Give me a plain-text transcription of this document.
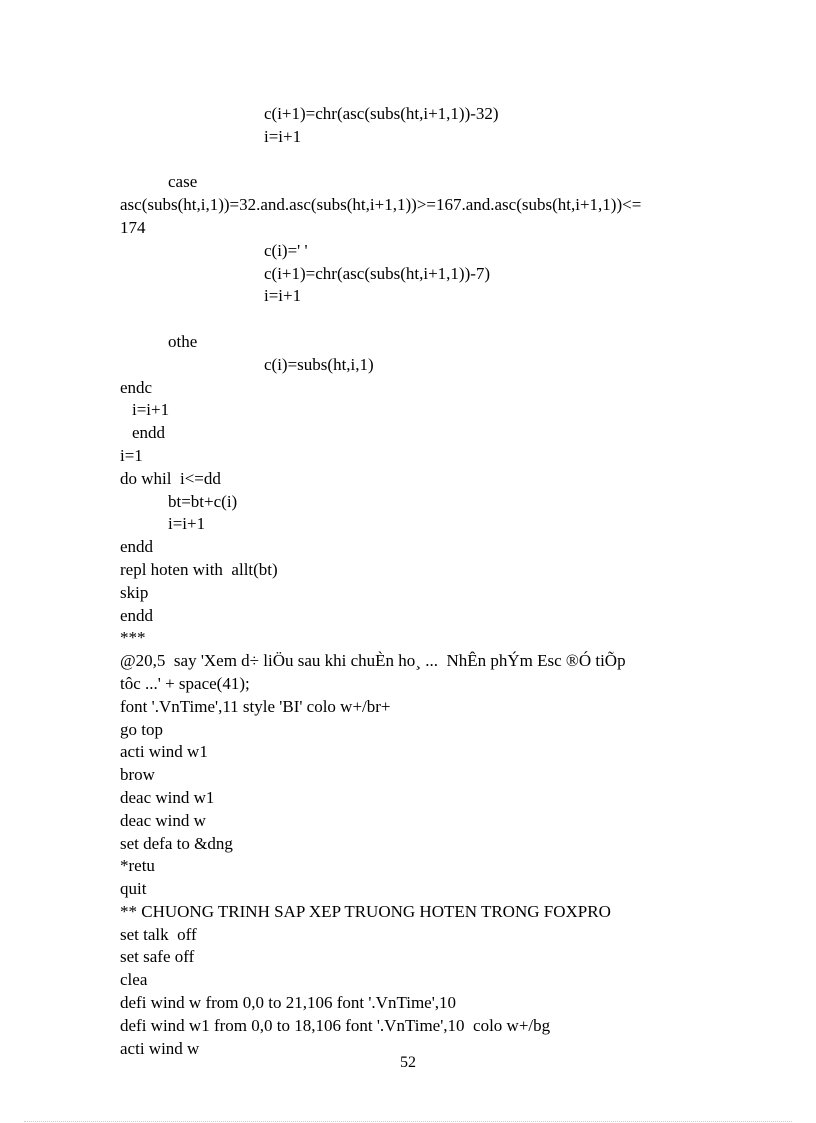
c(i+1)=chr(asc(subs(ht,i+1,1))-32)
i=i+1
case
asc(subs(ht,i,1))=32.and.asc(subs(ht,i+1,1))>=167.and.asc(subs(ht,i+1,1))<=
174
c(i)=' '
c(i+1)=chr(asc(subs(ht,i+1,1))-7)
i=i+1
othe
c(i)=subs(ht,i,1)
endc
i=i+1
endd
i=1
do whil  i<=dd
bt=bt+c(i)
i=i+1
endd
repl hoten with  allt(bt)
skip
endd
***
@20,5  say 'Xem d÷ liÖu sau khi chuÈn ho¸ ...  NhÊn phÝm Esc ®Ó tiÕp
tôc ...' + space(41);
font '.VnTime',11 style 'BI' colo w+/br+
go top
acti wind w1
brow
deac wind w1
deac wind w
set defa to &dng
*retu
quit
** CHUONG TRINH SAP XEP TRUONG HOTEN TRONG FOXPRO
set talk  off
set safe off
clea
defi wind w from 0,0 to 21,106 font '.VnTime',10
defi wind w1 from 0,0 to 18,106 font '.VnTime',10  colo w+/bg
acti wind w
52
